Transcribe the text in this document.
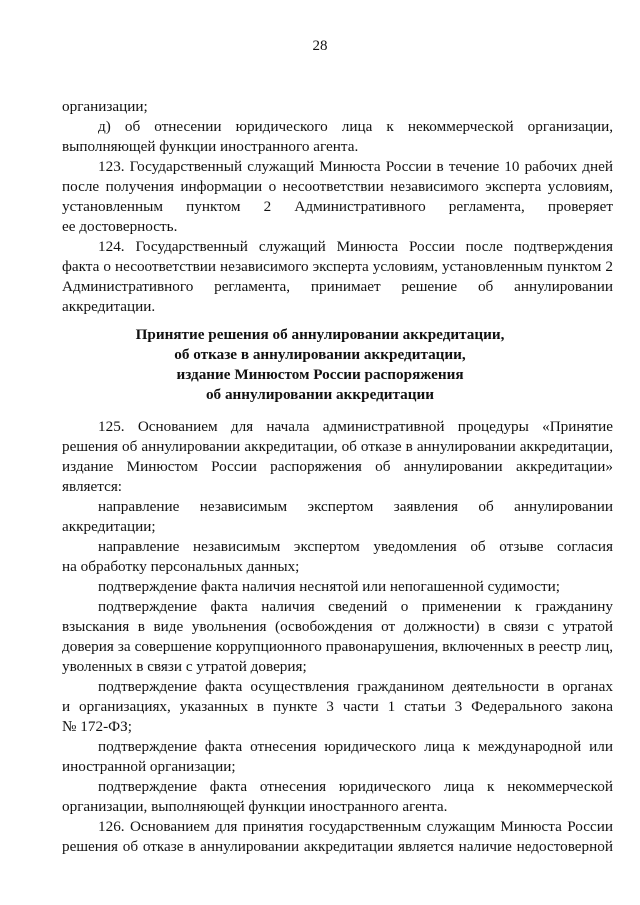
28
организации;
д) об отнесении юридического лица к некоммерческой организации,
выполняющей функции иностранного агента.
123. Государственный служащий Минюста России в течение 10 рабочих дней
после получения информации о несоответствии независимого эксперта условиям,
установленным пунктом 2 Административного регламента, проверяет
ее достоверность.
124. Государственный служащий Минюста России после подтверждения
факта о несоответствии независимого эксперта условиям, установленным пунктом 2
Административного регламента, принимает решение об аннулировании
аккредитации.
Принятие решения об аннулировании аккредитации,
об отказе в аннулировании аккредитации,
издание Минюстом России распоряжения
об аннулировании аккредитации
125. Основанием для начала административной процедуры «Принятие
решения об аннулировании аккредитации, об отказе в аннулировании аккредитации,
издание Минюстом России распоряжения об аннулировании аккредитации»
является:
направление независимым экспертом заявления об аннулировании
аккредитации;
направление независимым экспертом уведомления об отзыве согласия
на обработку персональных данных;
подтверждение факта наличия неснятой или непогашенной судимости;
подтверждение факта наличия сведений о применении к гражданину
взыскания в виде увольнения (освобождения от должности) в связи с утратой
доверия за совершение коррупционного правонарушения, включенных в реестр лиц,
уволенных в связи с утратой доверия;
подтверждение факта осуществления гражданином деятельности в органах
и организациях, указанных в пункте 3 части 1 статьи 3 Федерального закона
№ 172-ФЗ;
подтверждение факта отнесения юридического лица к международной или
иностранной организации;
подтверждение факта отнесения юридического лица к некоммерческой
организации, выполняющей функции иностранного агента.
126. Основанием для принятия государственным служащим Минюста России
решения об отказе в аннулировании аккредитации является наличие недостоверной
